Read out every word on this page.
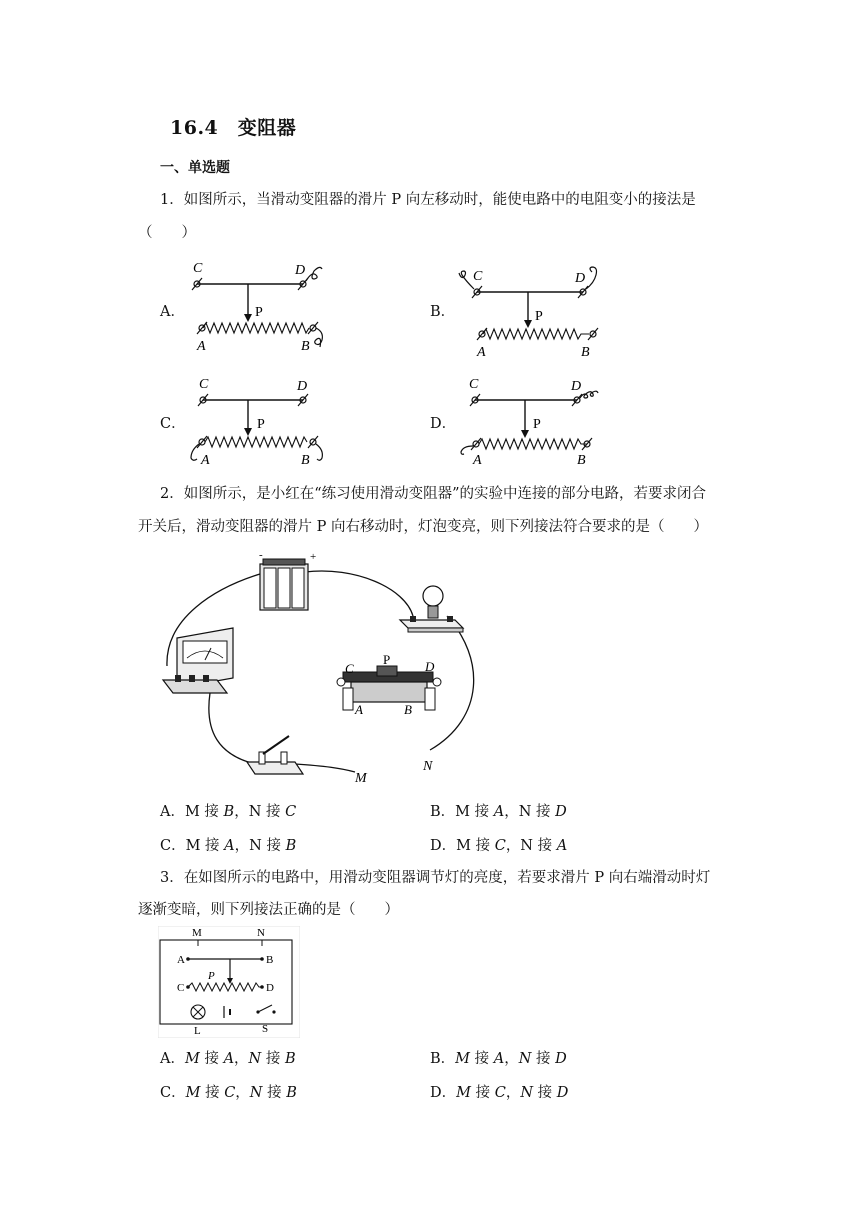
16.4　变阻器
一、单选题
1．如图所示，当滑动变阻器的滑片 P 向左移动时，能使电路中的电阻变小的接法是
（　　）
A．	B．
C．	D．
C	D
P
A	B
C	D
P
A	B
C	D
P
A	B
C	D
P
A	B
2．如图所示，是小红在“练习使用滑动变阻器”的实验中连接的部分电路，若要求闭合
开关后，滑动变阻器的滑片 P 向右移动时，灯泡变亮，则下列接法符合要求的是（　　）
-	+
C
P	D
A	B
M
N
A．M 接 B，N 接 C	B．M 接 A，N 接 D
C．M 接 A，N 接 B	D．M 接 C，N 接 A
3．在如图所示的电路中，用滑动变阻器调节灯的亮度，若要求滑片 P 向右端滑动时灯
逐渐变暗，则下列接法正确的是（　　）
M	N
A	B
P
C	D
L	S
A．M 接 A，N 接 B	B．M 接 A，N 接 D
C．M 接 C，N 接 B	D．M 接 C，N 接 D
